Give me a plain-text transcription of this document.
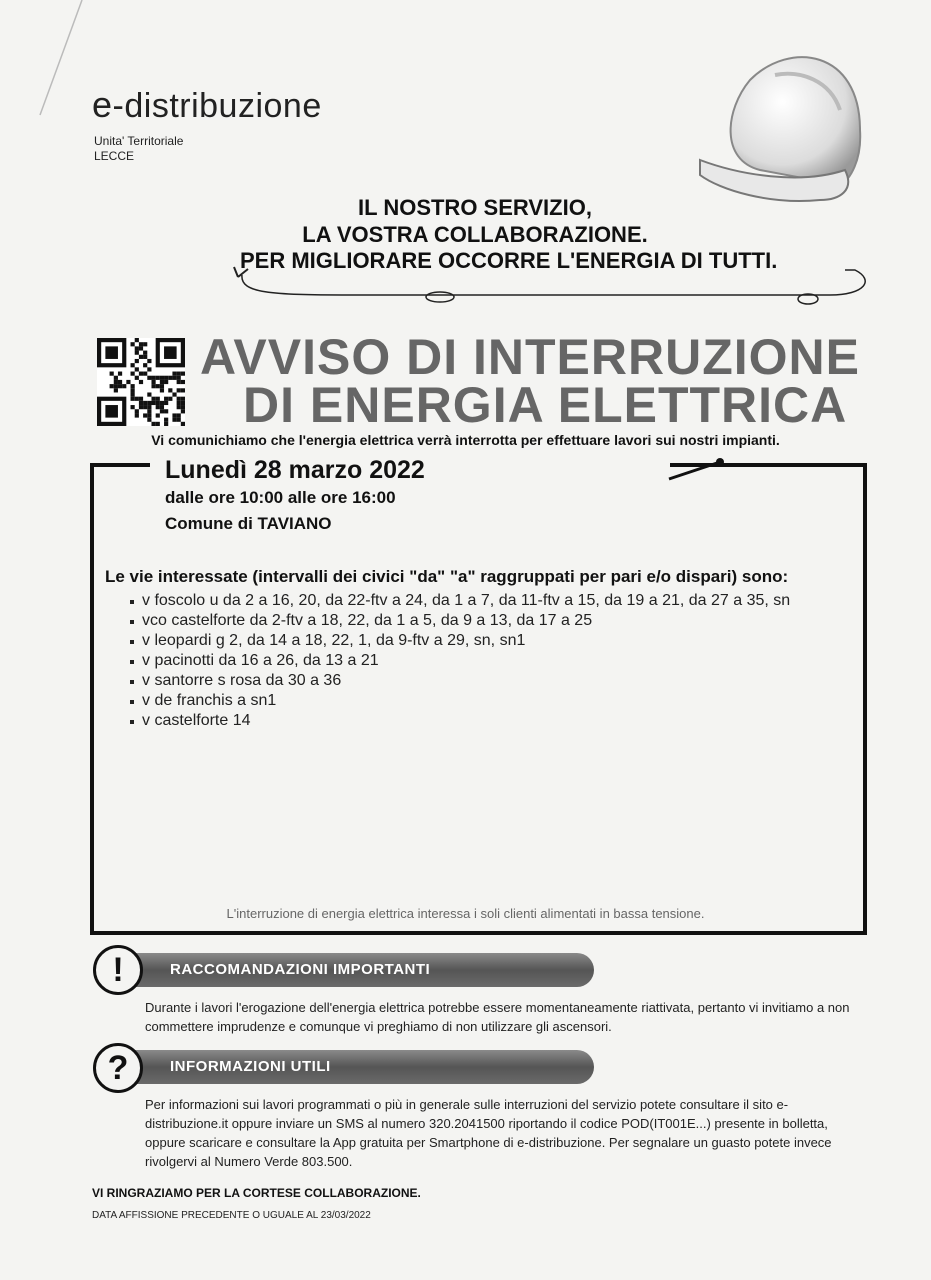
e-distribuzione
Unita' Territoriale
LECCE
IL NOSTRO SERVIZIO,
LA VOSTRA COLLABORAZIONE.
PER MIGLIORARE OCCORRE L'ENERGIA DI TUTTI.
AVVISO DI INTERRUZIONE
DI ENERGIA ELETTRICA
Vi comunichiamo che l'energia elettrica verrà interrotta per effettuare lavori sui nostri impianti.
Lunedì 28 marzo 2022
dalle ore 10:00 alle ore 16:00
Comune di TAVIANO
Le vie interessate (intervalli dei civici "da" "a" raggruppati per pari e/o dispari) sono:
v foscolo u da 2 a 16, 20, da 22-ftv a 24, da 1 a 7, da 11-ftv a 15, da 19 a 21, da 27 a 35, sn
vco castelforte da 2-ftv a 18, 22, da 1 a 5, da 9 a 13, da 17 a 25
v leopardi g 2, da 14 a 18, 22, 1, da 9-ftv a 29, sn, sn1
v pacinotti da 16 a 26, da 13 a 21
v santorre s rosa da 30 a 36
v de franchis a sn1
v castelforte 14
L'interruzione di energia elettrica interessa i soli clienti alimentati in bassa tensione.
RACCOMANDAZIONI IMPORTANTI
!
Durante i lavori l'erogazione dell'energia elettrica potrebbe essere momentaneamente riattivata, pertanto vi invitiamo a non commettere imprudenze e comunque vi preghiamo di non utilizzare gli ascensori.
INFORMAZIONI UTILI
?
Per informazioni sui lavori programmati o più in generale sulle interruzioni del servizio potete consultare il sito e-distribuzione.it oppure inviare un SMS al numero 320.2041500 riportando il codice POD(IT001E...) presente in bolletta, oppure scaricare e consultare la App gratuita per Smartphone di e-distribuzione. Per segnalare un guasto potete invece rivolgervi al Numero Verde 803.500.
VI RINGRAZIAMO PER LA CORTESE COLLABORAZIONE.
DATA AFFISSIONE PRECEDENTE O UGUALE AL 23/03/2022
